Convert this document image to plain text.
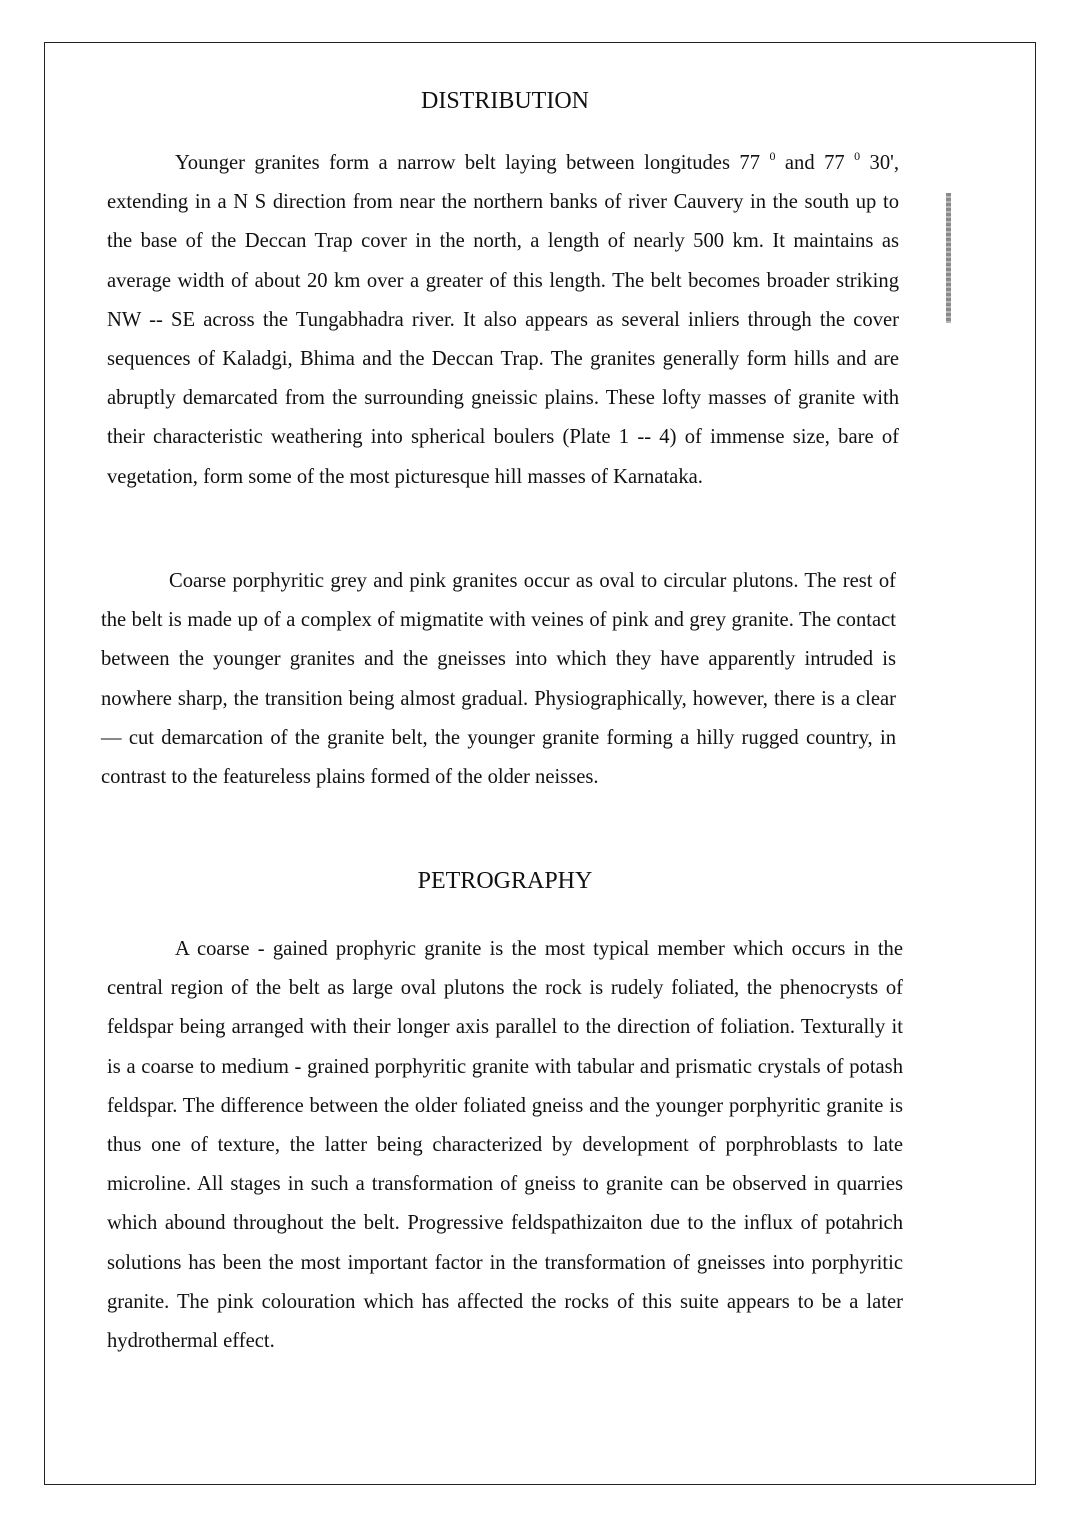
DISTRIBUTION

Younger granites form a narrow belt laying between longitudes 77 $^0$ and 77 $^0$ 30', extending in a N S direction from near the northern banks of river Cauvery in the south up to the base of the Deccan Trap cover in the north, a length of nearly 500 km. It maintains as average width of about 20 km over a greater of this length. The belt becomes broader striking NW -- SE across the Tungabhadra river. It also appears as several inliers through the cover sequences of Kaladgi, Bhima and the Deccan Trap. The granites generally form hills and are abruptly demarcated from the surrounding gneissic plains. These lofty masses of granite with their characteristic weathering into spherical boulers (Plate 1 -- 4) of immense size, bare of vegetation, form some of the most picturesque hill masses of Karnataka.

Coarse porphyritic grey and pink granites occur as oval to circular plutons. The rest of the belt is made up of a complex of migmatite with veines of pink and grey granite. The contact between the younger granites and the gneisses into which they have apparently intruded is nowhere sharp, the transition being almost gradual. Physiographically, however, there is a clear — cut demarcation of the granite belt, the younger granite forming a hilly rugged country, in contrast to the featureless plains formed of the older neisses.

PETROGRAPHY

A coarse - gained prophyric granite is the most typical member which occurs in the central region of the belt as large oval plutons the rock is rudely foliated, the phenocrysts of feldspar being arranged with their longer axis parallel to the direction of foliation. Texturally it is a coarse to medium - grained porphyritic granite with tabular and prismatic crystals of potash feldspar. The difference between the older foliated gneiss and the younger porphyritic granite is thus one of texture, the latter being characterized by development of porphroblasts to late microline. All stages in such a transformation of gneiss to granite can be observed in quarries which abound throughout the belt. Progressive feldspathizaiton due to the influx of potahrich solutions has been the most important factor in the transformation of gneisses into porphyritic granite. The pink colouration which has affected the rocks of this suite appears to be a later hydrothermal effect.
